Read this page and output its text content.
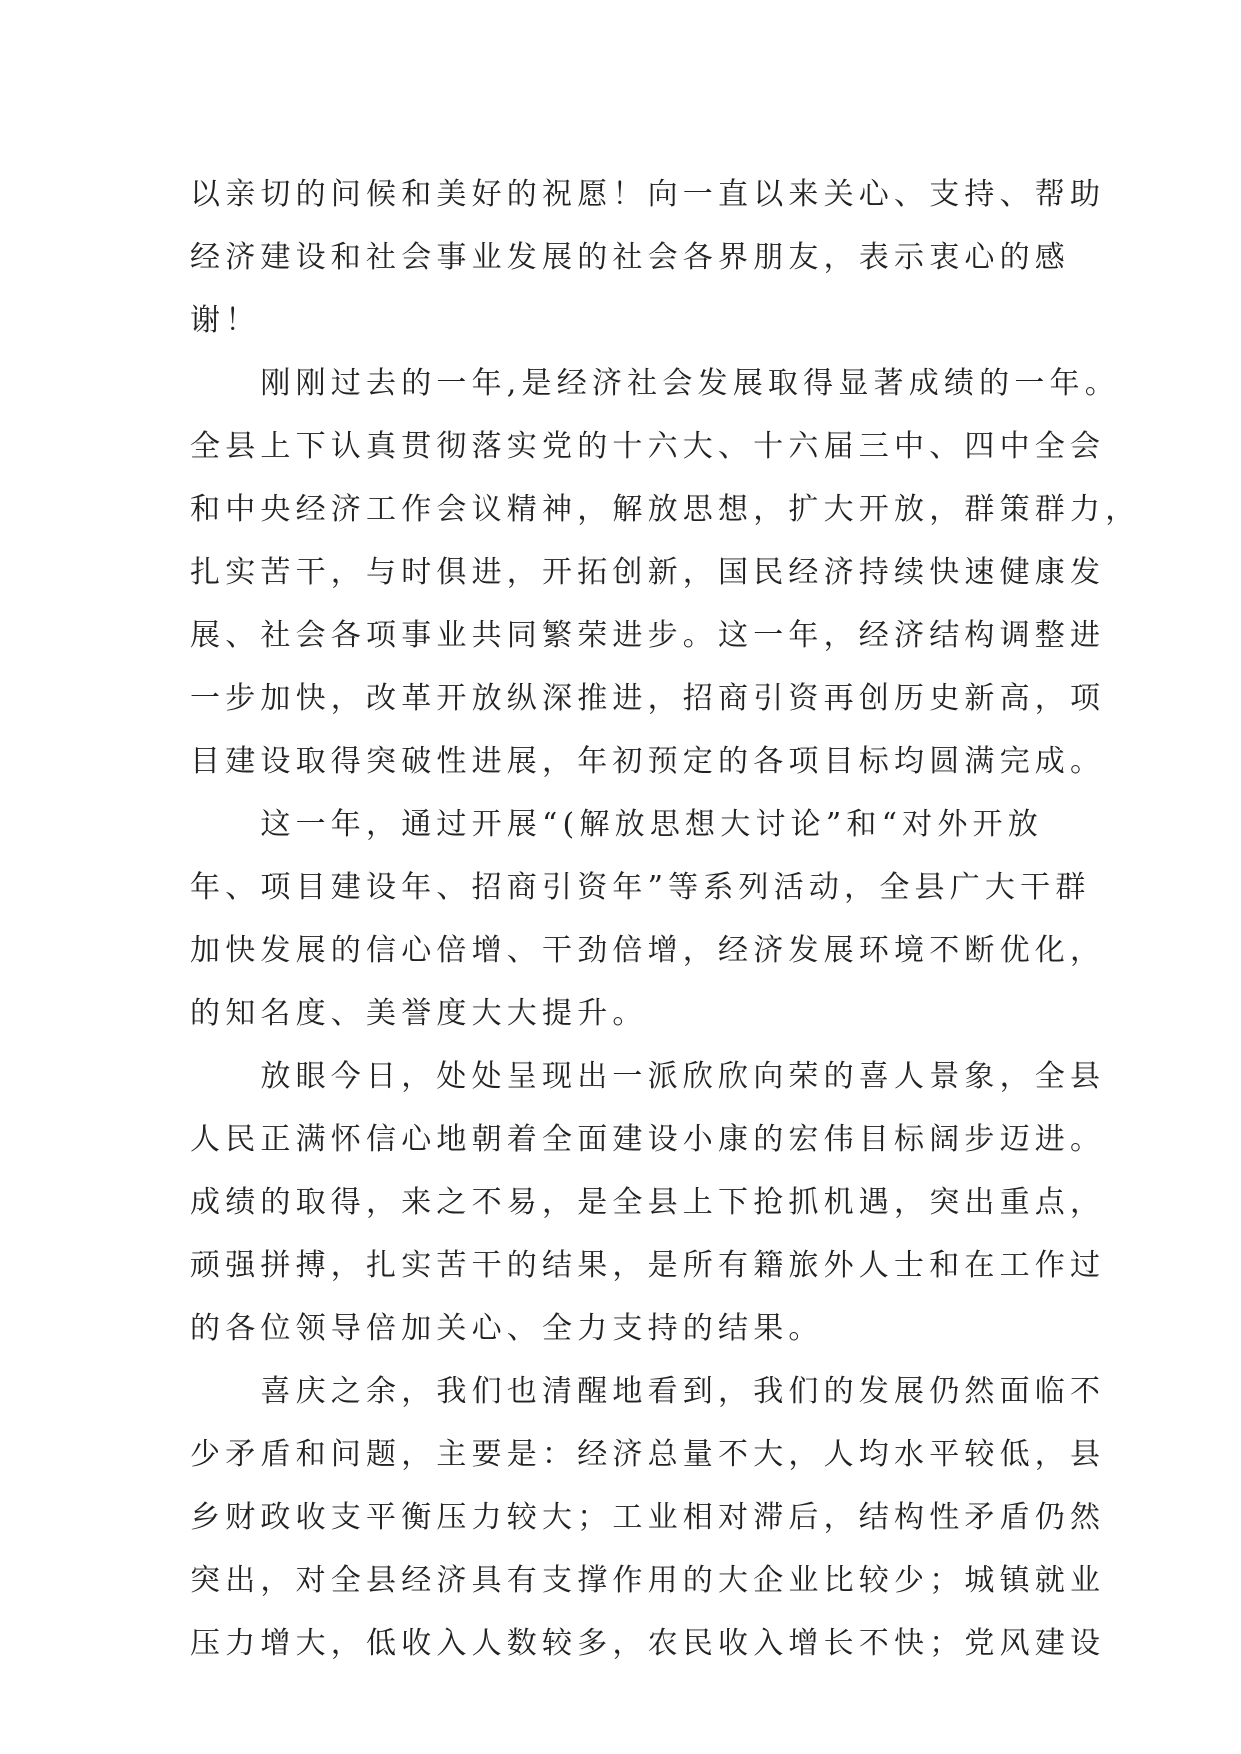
以亲切的问候和美好的祝愿！向一直以来关心、支持、帮助
经济建设和社会事业发展的社会各界朋友，表示衷心的感
谢！
　　刚刚过去的一年,是经济社会发展取得显著成绩的一年。
全县上下认真贯彻落实党的十六大、十六届三中、四中全会
和中央经济工作会议精神，解放思想，扩大开放，群策群力，
扎实苦干，与时俱进，开拓创新，国民经济持续快速健康发
展、社会各项事业共同繁荣进步。这一年，经济结构调整进
一步加快，改革开放纵深推进，招商引资再创历史新高，项
目建设取得突破性进展，年初预定的各项目标均圆满完成。
　　这一年，通过开展“(解放思想大讨论”和“对外开放
年、项目建设年、招商引资年”等系列活动，全县广大干群
加快发展的信心倍增、干劲倍增，经济发展环境不断优化，
的知名度、美誉度大大提升。
　　放眼今日，处处呈现出一派欣欣向荣的喜人景象，全县
人民正满怀信心地朝着全面建设小康的宏伟目标阔步迈进。
成绩的取得，来之不易，是全县上下抢抓机遇，突出重点，
顽强拼搏，扎实苦干的结果，是所有籍旅外人士和在工作过
的各位领导倍加关心、全力支持的结果。
　　喜庆之余，我们也清醒地看到，我们的发展仍然面临不
少矛盾和问题，主要是：经济总量不大，人均水平较低，县
乡财政收支平衡压力较大；工业相对滞后，结构性矛盾仍然
突出，对全县经济具有支撑作用的大企业比较少；城镇就业
压力增大，低收入人数较多，农民收入增长不快；党风建设
